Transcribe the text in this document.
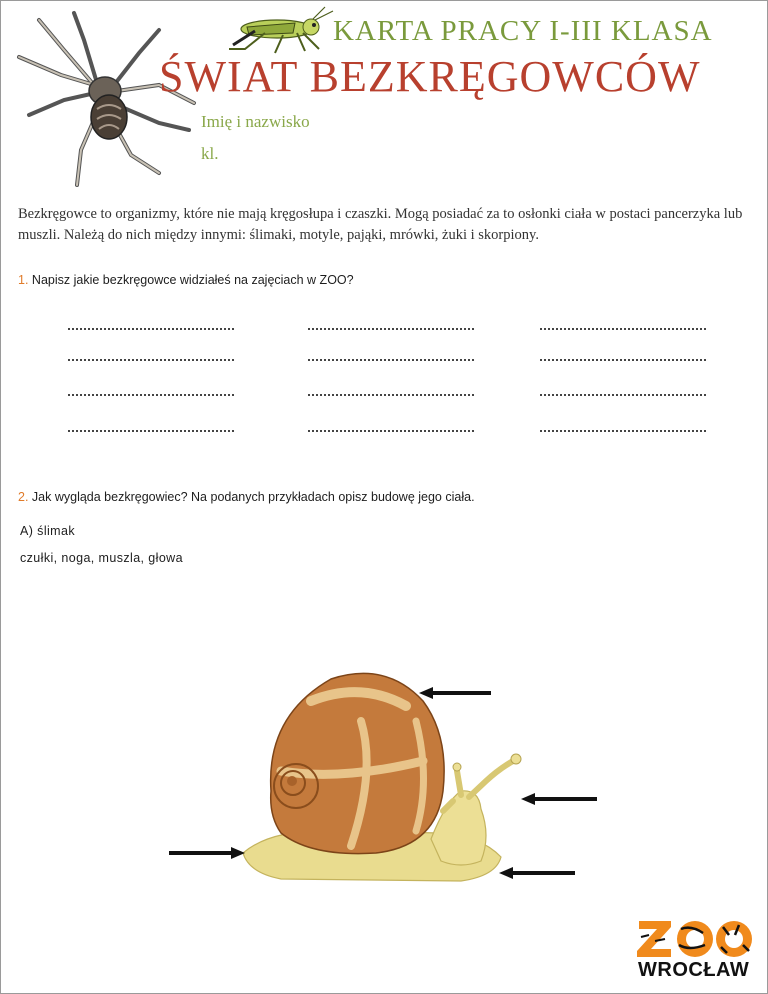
KARTA PRACY I-III KLASA
ŚWIAT BEZKRĘGOWCÓW
Imię i nazwisko
kl.
Bezkręgowce to organizmy, które nie mają kręgosłupa i czaszki. Mogą posiadać za to osłonki ciała w postaci pancerzyka lub muszli. Należą do nich między innymi: ślimaki, motyle, pająki, mrówki, żuki i skorpiony.
1. Napisz jakie bezkręgowce widziałeś na zajęciach w ZOO?
2. Jak wygląda bezkręgowiec? Na podanych przykładach opisz budowę jego ciała.
A) ślimak
czułki, noga, muszla, głowa
WROCŁAW
